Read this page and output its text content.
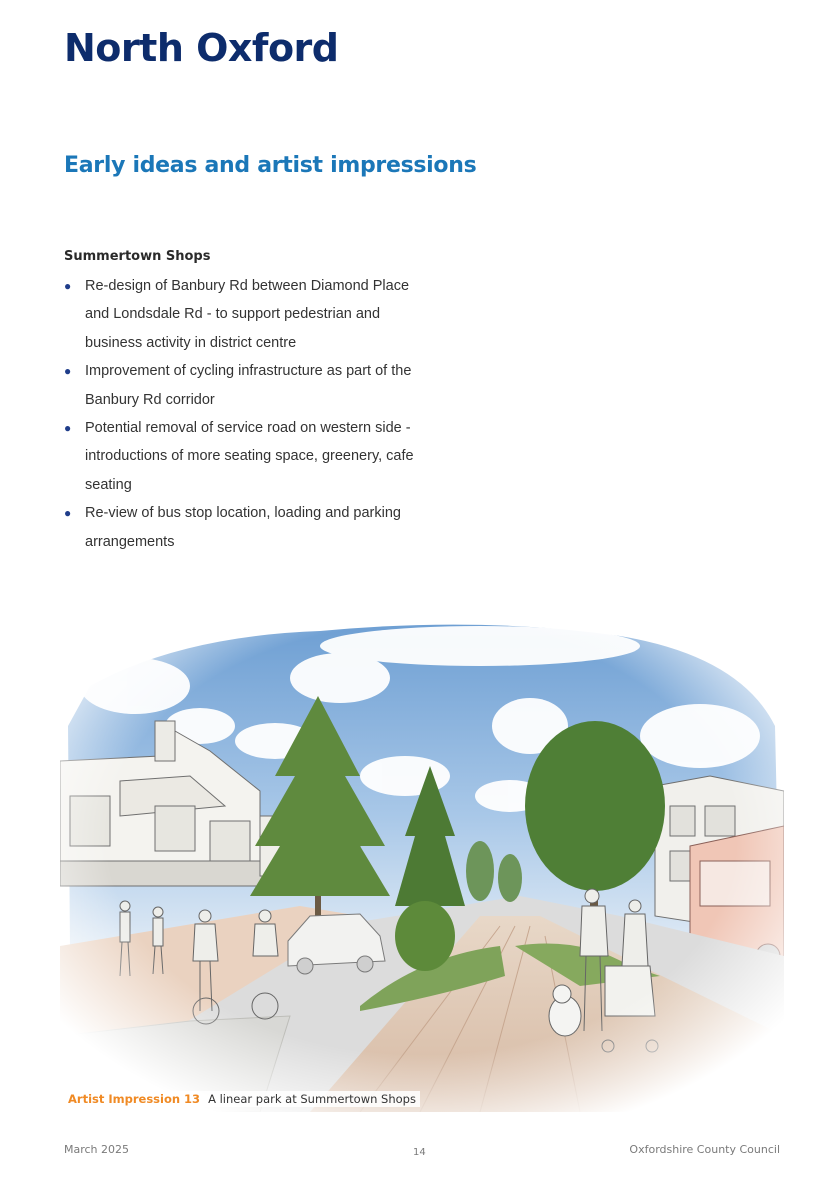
North Oxford
Early ideas and artist impressions
Summertown Shops
● Re-design of Banbury Rd between Diamond Place and Londsdale Rd - to support pedestrian and business activity in district centre
● Improvement of cycling infrastructure as part of the Banbury Rd corridor
● Potential removal of service road on western side - introductions of more seating space, greenery, cafe seating
● Re-view of bus stop location, loading and parking arrangements
Artist Impression 13 A linear park at Summertown Shops
March 2025	14	Oxfordshire County Council
